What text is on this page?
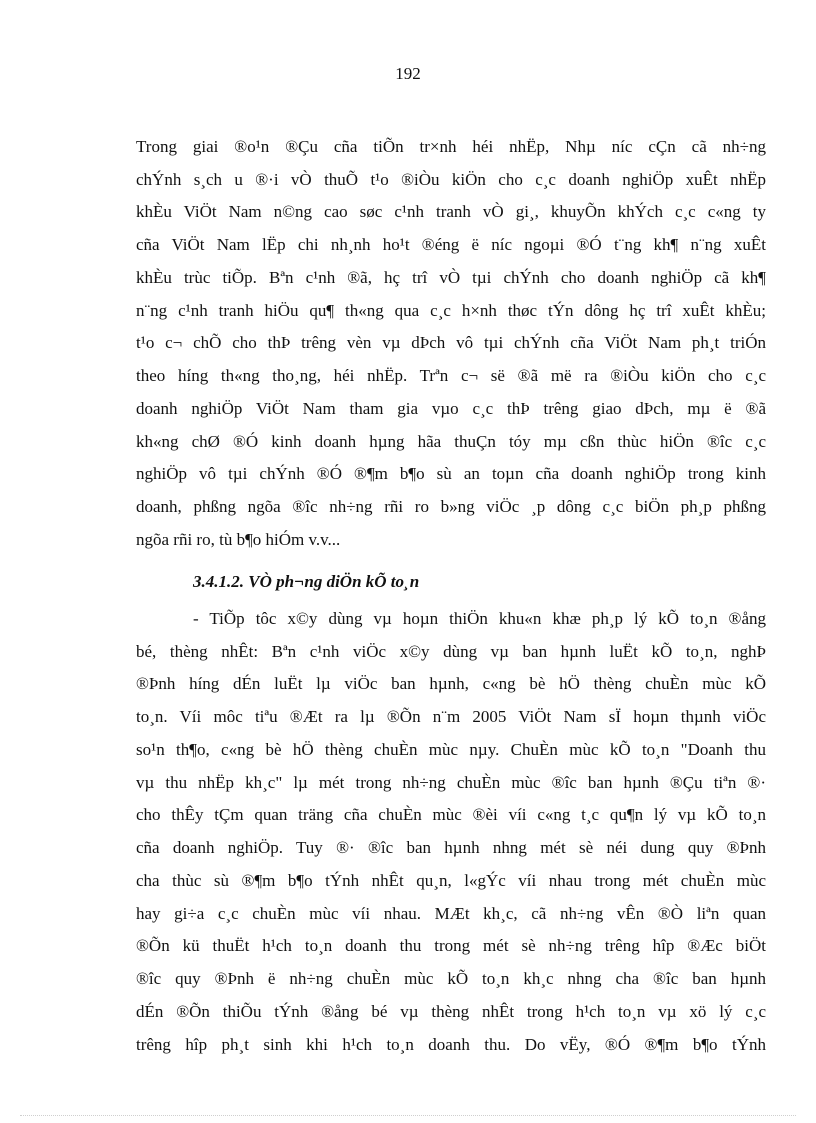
192
Trong giai ®o¹n ®Çu cña tiÕn tr×nh héi nhËp, Nhµ níc cÇn cã nh÷ng
chÝnh s¸ch u ®·i vÒ thuÕ t¹o ®iÒu kiÖn cho c¸c doanh nghiÖp xuÊt nhËp
khÈu ViÖt Nam n©ng cao søc c¹nh tranh vÒ gi¸, khuyÕn khÝch c¸c c«ng ty
cña ViÖt Nam lËp chi nh¸nh ho¹t ®éng ë níc ngoµi ®Ó t¨ng kh¶ n¨ng xuÊt
khÈu trùc tiÕp. Bªn c¹nh ®ã, hç trî vÒ tµi chÝnh cho doanh nghiÖp cã kh¶
n¨ng c¹nh tranh hiÖu qu¶ th«ng qua c¸c h×nh thøc tÝn dông hç trî xuÊt khÈu;
t¹o c¬ chÕ cho thÞ trêng vèn vµ dÞch vô tµi chÝnh cña ViÖt Nam ph¸t triÓn
theo híng th«ng tho¸ng, héi nhËp. Trªn c¬ së ®ã më ra ®iÒu kiÖn cho c¸c
doanh nghiÖp ViÖt Nam tham gia vµo c¸c thÞ trêng giao dÞch, mµ ë ®ã
kh«ng chØ ®Ó kinh doanh hµng hãa thuÇn tóy mµ cßn thùc hiÖn ®îc c¸c
nghiÖp vô tµi chÝnh ®Ó ®¶m b¶o sù an toµn cña doanh nghiÖp trong kinh
doanh, phßng ngõa ®îc nh÷ng rñi ro b»ng viÖc ¸p dông c¸c biÖn ph¸p phßng
ngõa rñi ro, tù b¶o hiÓm v.v...
3.4.1.2. VÒ ph¬ng diÖn kÕ to¸n
- TiÕp tôc x©y dùng vµ hoµn thiÖn khu«n khæ ph¸p lý kÕ to¸n ®ång
bé, thèng nhÊt: Bªn c¹nh viÖc x©y dùng vµ ban hµnh luËt kÕ to¸n, nghÞ
®Þnh híng dÉn luËt lµ viÖc ban hµnh, c«ng bè hÖ thèng chuÈn mùc kÕ
to¸n. Víi môc tiªu ®Æt ra lµ ®Õn n¨m 2005 ViÖt Nam sÏ hoµn thµnh viÖc
so¹n th¶o, c«ng bè hÖ thèng chuÈn mùc nµy. ChuÈn mùc kÕ to¸n "Doanh thu
vµ thu nhËp kh¸c" lµ mét trong nh÷ng chuÈn mùc ®îc ban hµnh ®Çu tiªn ®·
cho thÊy tÇm quan träng cña chuÈn mùc ®èi víi c«ng t¸c qu¶n lý vµ kÕ to¸n
cña doanh nghiÖp. Tuy ®· ®îc ban hµnh nhng mét sè néi dung quy ®Þnh
cha thùc sù ®¶m b¶o tÝnh nhÊt qu¸n, l«gÝc víi nhau trong mét chuÈn mùc
hay gi÷a c¸c chuÈn mùc víi nhau. MÆt kh¸c, cã nh÷ng vÊn ®Ò liªn quan
®Õn kü thuËt h¹ch to¸n doanh thu trong mét sè nh÷ng trêng hîp ®Æc biÖt
®îc quy ®Þnh ë nh÷ng chuÈn mùc kÕ to¸n kh¸c nhng cha ®îc ban hµnh
dÉn ®Õn thiÕu tÝnh ®ång bé vµ thèng nhÊt trong h¹ch to¸n vµ xö lý c¸c
trêng hîp ph¸t sinh khi h¹ch to¸n doanh thu. Do vËy, ®Ó ®¶m b¶o tÝnh
